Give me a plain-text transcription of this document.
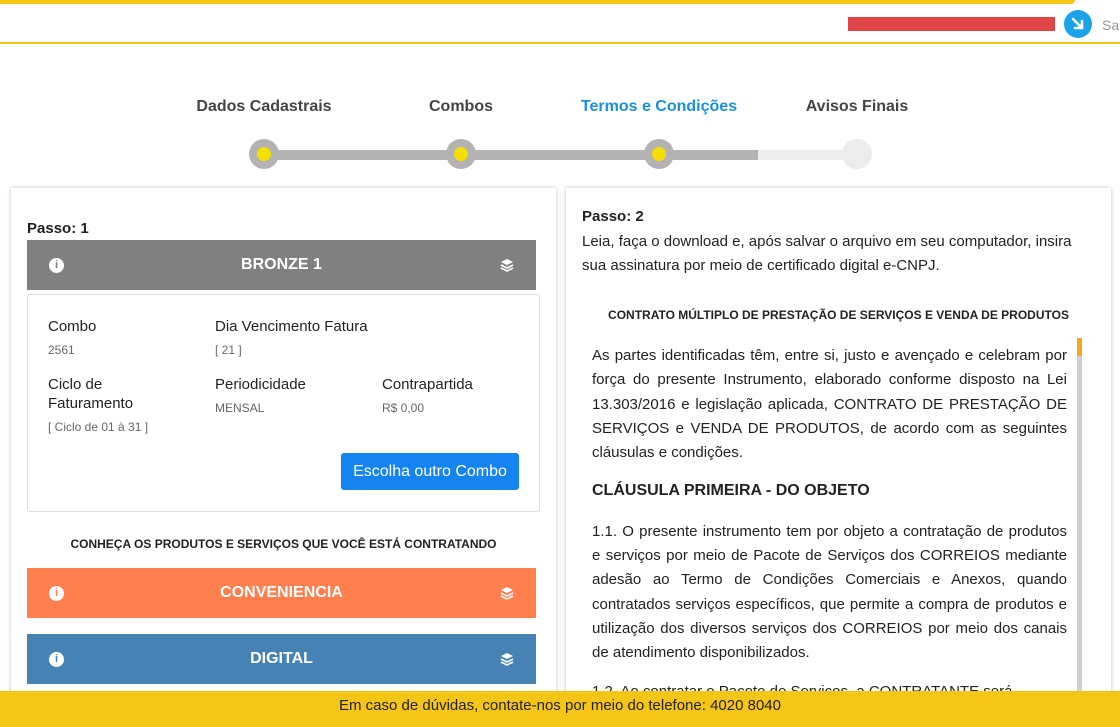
Sa
Dados Cadastrais	Combos	Termos e Condições	Avisos Finais
Passo: 1
i	BRONZE 1
Combo
2561
Dia Vencimento Fatura
[ 21 ]
Ciclo de Faturamento
[ Ciclo de 01 à 31 ]
Periodicidade
MENSAL
Contrapartida
R$ 0,00
Escolha outro Combo
CONHEÇA OS PRODUTOS E SERVIÇOS QUE VOCÊ ESTÁ CONTRATANDO
i	CONVENIENCIA
i	DIGITAL
Passo: 2

Leia, faça o download e, após salvar o arquivo em seu computador, insira sua assinatura por meio de certificado digital e-CNPJ.

CONTRATO MÚLTIPLO DE PRESTAÇÃO DE SERVIÇOS E VENDA DE PRODUTOS

As partes identificadas têm, entre si, justo e avençado e celebram por força do presente Instrumento, elaborado conforme disposto na Lei 13.303/2016 e legislação aplicada, CONTRATO DE PRESTAÇÃO DE SERVIÇOS e VENDA DE PRODUTOS, de acordo com as seguintes cláusulas e condições.

CLÁUSULA PRIMEIRA - DO OBJETO

1.1. O presente instrumento tem por objeto a contratação de produtos e serviços por meio de Pacote de Serviços dos CORREIOS mediante adesão ao Termo de Condições Comerciais e Anexos, quando contratados serviços específicos, que permite a compra de produtos e utilização dos diversos serviços dos CORREIOS por meio dos canais de atendimento disponibilizados.

Em caso de dúvidas, contate-nos por meio do telefone: 4020 8040
